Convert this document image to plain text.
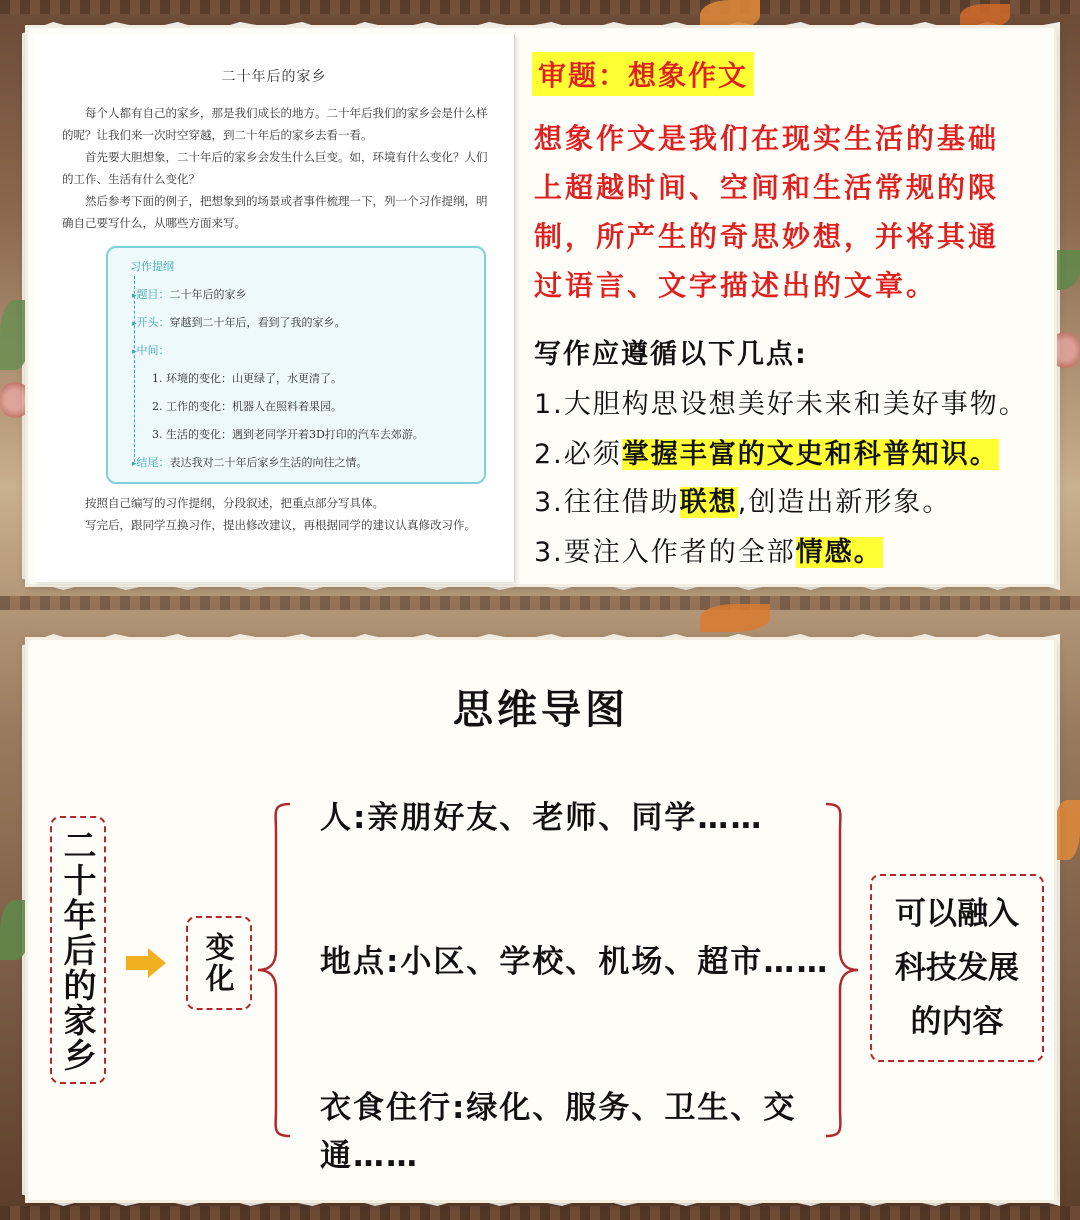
二十年后的家乡

每个人都有自己的家乡，那是我们成长的地方。二十年后我们的家乡会是什么样的呢？让我们来一次时空穿越，到二十年后的家乡去看一看。

首先要大胆想象，二十年后的家乡会发生什么巨变。如，环境有什么变化？人们的工作、生活有什么变化？

然后参考下面的例子，把想象到的场景或者事件梳理一下，列一个习作提纲，明确自己要写什么，从哪些方面来写。

习作提纲
▸题目：二十年后的家乡
▸开头：穿越到二十年后，看到了我的家乡。
▸中间：
1. 环境的变化：山更绿了，水更清了。
2. 工作的变化：机器人在照料着果园。
3. 生活的变化：遇到老同学开着3D打印的汽车去郊游。
▸结尾：表达我对二十年后家乡生活的向往之情。

按照自己编写的习作提纲，分段叙述，把重点部分写具体。

写完后，跟同学互换习作，提出修改建议，再根据同学的建议认真修改习作。

审题：想象作文

想象作文是我们在现实生活的基础上超越时间、空间和生活常规的限制，所产生的奇思妙想，并将其通过语言、文字描述出的文章。

写作应遵循以下几点:
1.大胆构思设想美好未来和美好事物。
2.必须掌握丰富的文史和科普知识。
3.往往借助联想,创造出新形象。
3.要注入作者的全部情感。
思维导图
二十年后的家乡	变化
人:亲朋好友、老师、同学……
地点:小区、学校、机场、超市……
衣食住行:绿化、服务、卫生、交
通……
可以融入科技发展的内容
